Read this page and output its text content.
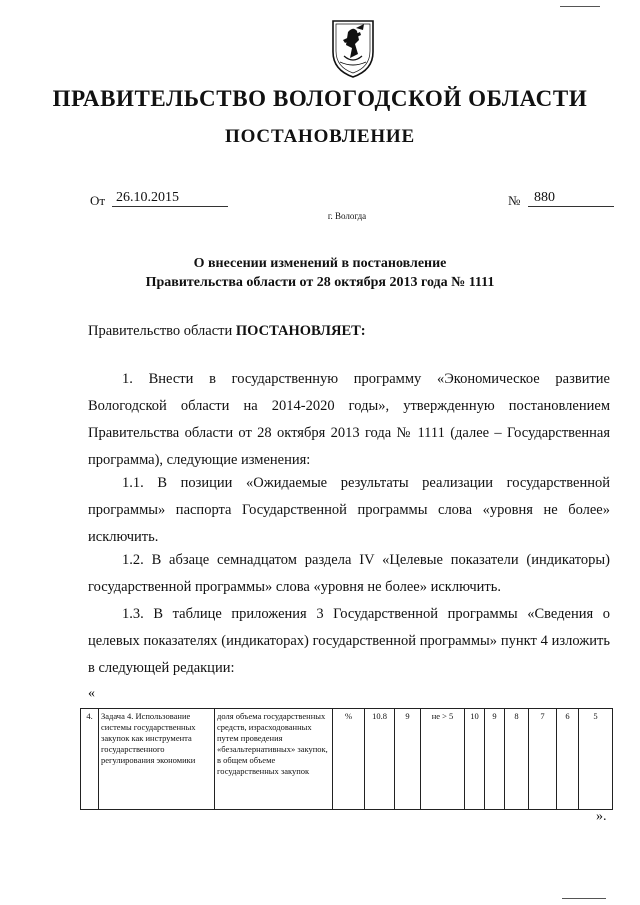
ПРАВИТЕЛЬСТВО ВОЛОГОДСКОЙ ОБЛАСТИ
ПОСТАНОВЛЕНИЕ
От 26.10.2015	№ 880
г. Вологда
О внесении изменений в постановление
Правительства области от 28 октября 2013 года № 1111
Правительство области ПОСТАНОВЛЯЕТ:
1. Внести в государственную программу «Экономическое развитие Вологодской области на 2014-2020 годы», утвержденную постановлением Правительства области от 28 октября 2013 года № 1111 (далее – Государственная программа), следующие изменения:
1.1. В позиции «Ожидаемые результаты реализации государственной программы» паспорта Государственной программы слова «уровня не более» исключить.
1.2. В абзаце семнадцатом раздела IV «Целевые показатели (индикаторы) государственной программы» слова «уровня не более» исключить.
1.3. В таблице приложения 3 Государственной программы «Сведения о целевых показателях (индикаторах) государственной программы» пункт 4 изложить в следующей редакции:
«
4.	Задача 4. Использование системы государственных закупок как инструмента государственного регулирования экономики	доля объема государственных средств, израсходованных путем проведения «безальтернативных» закупок, в общем объеме государственных закупок	%	10.8	9	не > 5	10	9	8	7	6	5
».
